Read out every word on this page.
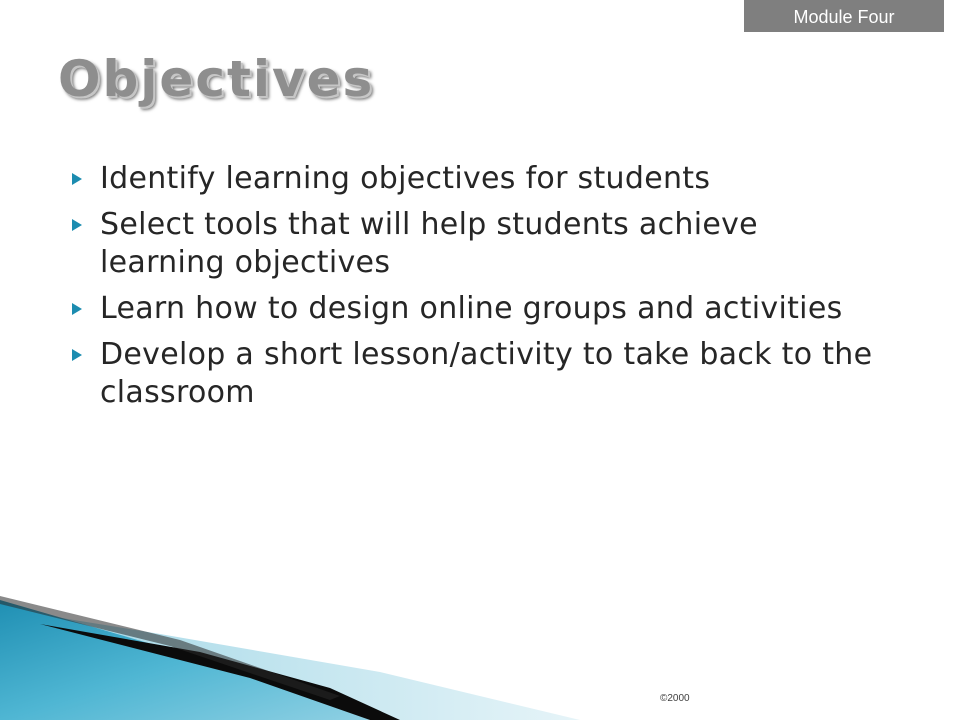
Module Four
Objectives
Identify learning objectives for students
Select tools that will help students achieve learning objectives
Learn how to design online groups and activities
Develop a short lesson/activity to take back to the classroom
©2000
